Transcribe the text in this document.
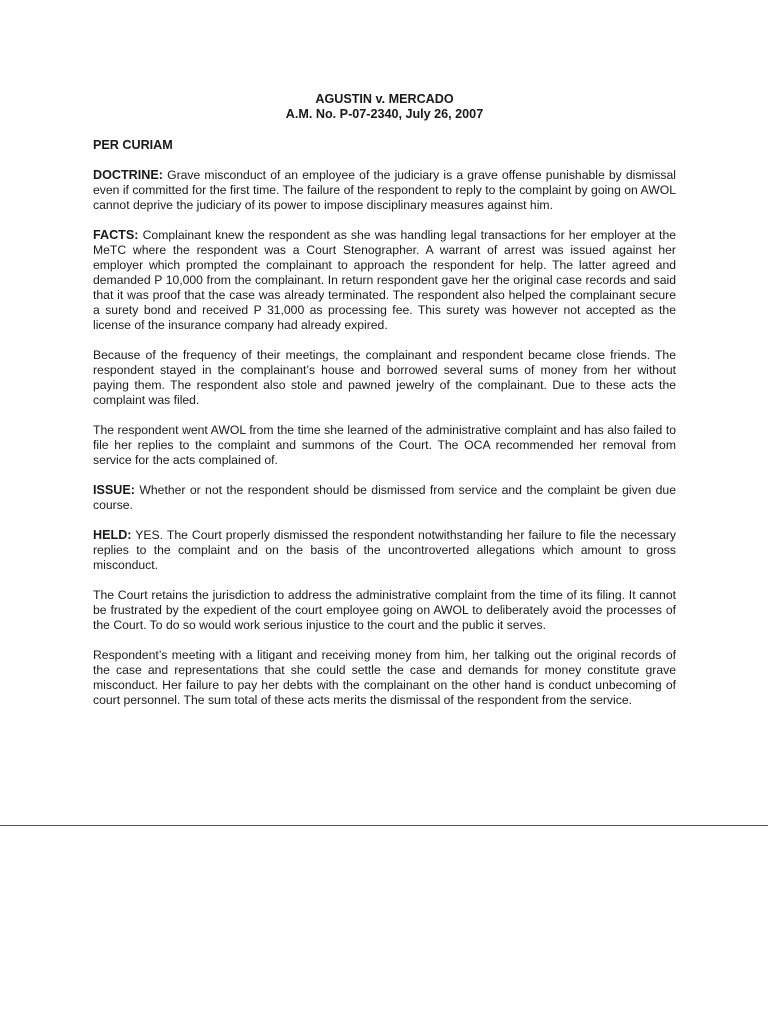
AGUSTIN v. MERCADO
A.M. No. P-07-2340, July 26, 2007
PER CURIAM

DOCTRINE: Grave misconduct of an employee of the judiciary is a grave offense punishable by dismissal even if committed for the first time. The failure of the respondent to reply to the complaint by going on AWOL cannot deprive the judiciary of its power to impose disciplinary measures against him.

FACTS: Complainant knew the respondent as she was handling legal transactions for her employer at the MeTC where the respondent was a Court Stenographer. A warrant of arrest was issued against her employer which prompted the complainant to approach the respondent for help. The latter agreed and demanded P 10,000 from the complainant. In return respondent gave her the original case records and said that it was proof that the case was already terminated. The respondent also helped the complainant secure a surety bond and received P 31,000 as processing fee. This surety was however not accepted as the license of the insurance company had already expired.

Because of the frequency of their meetings, the complainant and respondent became close friends. The respondent stayed in the complainant’s house and borrowed several sums of money from her without paying them. The respondent also stole and pawned jewelry of the complainant. Due to these acts the complaint was filed.

The respondent went AWOL from the time she learned of the administrative complaint and has also failed to file her replies to the complaint and summons of the Court. The OCA recommended her removal from service for the acts complained of.

ISSUE: Whether or not the respondent should be dismissed from service and the complaint be given due course.

HELD: YES. The Court properly dismissed the respondent notwithstanding her failure to file the necessary replies to the complaint and on the basis of the uncontroverted allegations which amount to gross misconduct.

The Court retains the jurisdiction to address the administrative complaint from the time of its filing. It cannot be frustrated by the expedient of the court employee going on AWOL to deliberately avoid the processes of the Court. To do so would work serious injustice to the court and the public it serves.

Respondent’s meeting with a litigant and receiving money from him, her talking out the original records of the case and representations that she could settle the case and demands for money constitute grave misconduct. Her failure to pay her debts with the complainant on the other hand is conduct unbecoming of court personnel. The sum total of these acts merits the dismissal of the respondent from the service.
